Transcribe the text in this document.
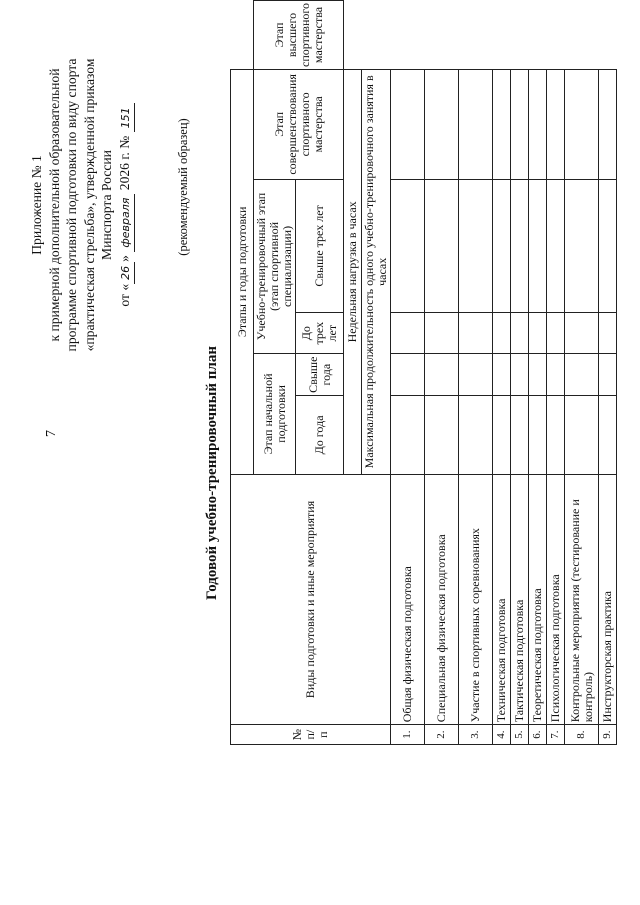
7
Приложение № 1 к примерной дополнительной образовательной программе спортивной подготовки по виду спорта «практическая стрельба», утвержденной приказом Минспорта России
от «26» февраля 2026 г. № 151
(рекомендуемый образец)
Годовой учебно-тренировочный план
№ п/п	Виды подготовки и иные мероприятия	Этапы и годы подготовки					
		Этап начальной подготовки		Учебно-тренировочный этап (этап спортивной специализации)		Этап совершенствования спортивного мастерства	Этап высшего спортивного мастерства
		До года	Свыше года	До трех лет	Свыше трех лет		
		Недельная нагрузка в часах					
		Максимальная продолжительность одного учебно-тренировочного занятия в часах					
1.	Общая физическая подготовка						
2.	Специальная физическая подготовка						
3.	Участие в спортивных соревнованиях						
4.	Техническая подготовка						
5.	Тактическая подготовка						
6.	Теоретическая подготовка						
7.	Психологическая подготовка						
8.	Контрольные мероприятия (тестирование и контроль)						
9.	Инструкторская практика						
